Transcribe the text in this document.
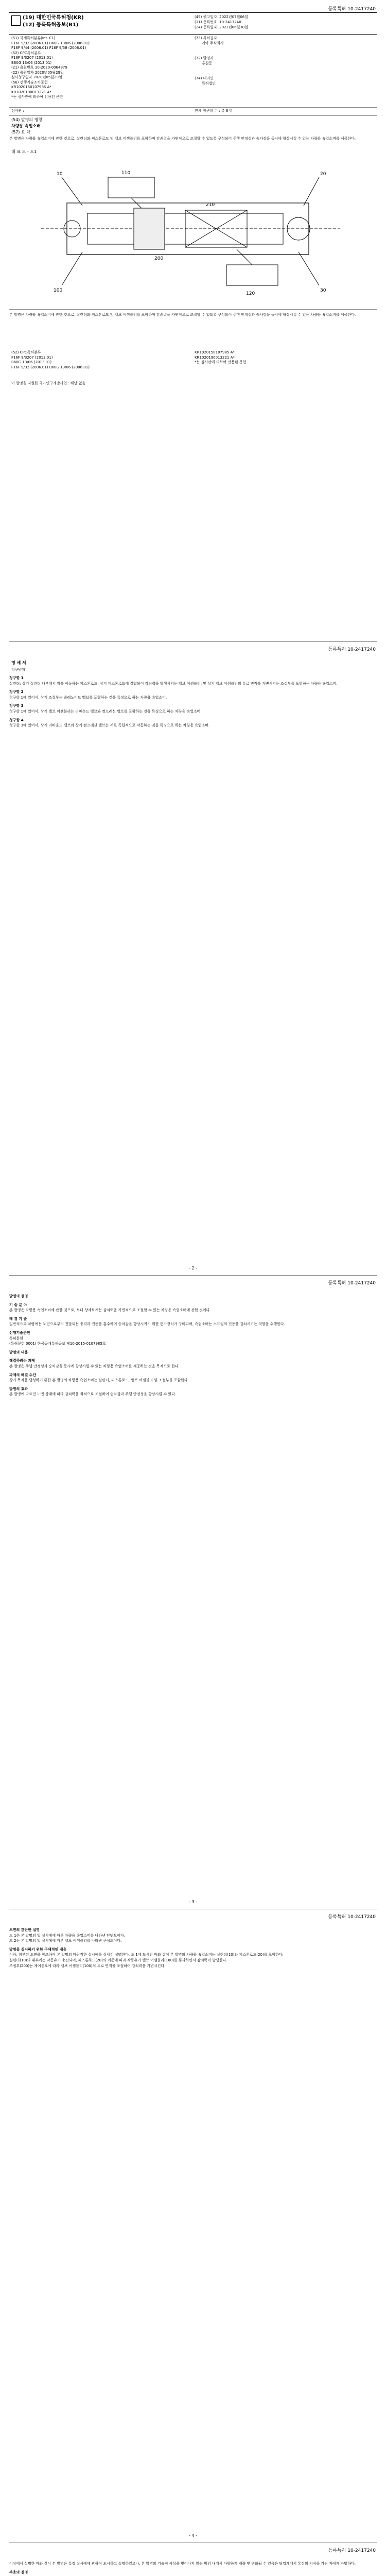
등록특허 10-2417240
(19) 대한민국특허청(KR)
(12) 등록특허공보(B1)
(45) 공고일자 2022년07월06일
(11) 등록번호 10-2417240
(24) 등록일자 2022년06월30일
(51) 국제특허분류(Int. Cl.)
F16F 9/32 (2006.01) B60G 13/06 (2006.01)
F16F 9/44 (2006.01) F16F 9/58 (2006.01)
(52) CPC특허분류
F16F 9/3207 (2013.01)
B60G 13/06 (2013.01)
(21) 출원번호 10-2020-0064979
(22) 출원일자 2020년05월29일
심사청구일자 2020년05월29일
(56) 선행기술조사문헌
KR1020150107985 A*
KR1020190013221 A*
*는 심사관에 의하여 인용된 문헌
(73) 특허권자
기아 주식회사
(72) 발명자
홍길동
(74) 대리인
특허법인
심사관 :	전체 청구항 수 : 총 8 항
(54) 발명의 명칭
차량용 쇽업소버
(57) 요 약
본 발명은 차량용 쇽업소버에 관한 것으로, 실린더와 피스톤로드 및 밸브 어셈블리를 포함하며 감쇠력을 가변적으로 조절할 수 있도록 구성되어 주행 안정성과 승차감을 동시에 향상시킬 수 있는 차량용 쇽업소버를 제공한다.
대 표 도 - 도1
10	20
30
100
110
120
200
210
본 발명은 차량용 쇽업소버에 관한 것으로, 실린더와 피스톤로드 및 밸브 어셈블리를 포함하며 감쇠력을 가변적으로 조절할 수 있도록 구성되어 주행 안정성과 승차감을 동시에 향상시킬 수 있는 차량용 쇽업소버를 제공한다.
(52) CPC특허분류
F16F 9/3207 (2013.01)
B60G 13/06 (2013.01)
F16F 9/32 (2006.01) B60G 13/06 (2006.01)
KR1020150107985 A*
KR1020190013221 A*
*는 심사관에 의하여 인용된 문헌
이 발명을 지원한 국가연구개발사업 : 해당 없음
등록특허 10-2417240
명 세 서
청구범위
청구항 1
실린더; 상기 실린더 내부에서 왕복 이동하는 피스톤로드; 상기 피스톤로드에 결합되어 감쇠력을 발생시키는 밸브 어셈블리; 및 상기 밸브 어셈블리의 유로 면적을 가변시키는 조절부를 포함하는 차량용 쇽업소버.
청구항 2
청구항 1에 있어서, 상기 조절부는 솔레노이드 밸브를 포함하는 것을 특징으로 하는 차량용 쇽업소버.
청구항 3
청구항 1에 있어서, 상기 밸브 어셈블리는 리바운드 밸브와 컴프레션 밸브를 포함하는 것을 특징으로 하는 차량용 쇽업소버.
청구항 4
청구항 3에 있어서, 상기 리바운드 밸브와 상기 컴프레션 밸브는 서로 독립적으로 작동하는 것을 특징으로 하는 차량용 쇽업소버.
- 2 -
등록특허 10-2417240
발명의 설명
기 술 분 야
본 발명은 차량용 쇽업소버에 관한 것으로, 보다 상세하게는 감쇠력을 가변적으로 조절할 수 있는 차량용 쇽업소버에 관한 것이다.
배 경 기 술
일반적으로 차량에는 노면으로부터 전달되는 충격과 진동을 흡수하여 승차감을 향상시키기 위한 현가장치가 구비되며, 쇽업소버는 스프링의 진동을 감쇠시키는 역할을 수행한다.
선행기술문헌
특허문헌
(특허문헌 0001) 한국공개특허공보 제10-2015-0107985호
발명의 내용
해결하려는 과제
본 발명은 주행 안정성과 승차감을 동시에 향상시킬 수 있는 차량용 쇽업소버를 제공하는 것을 목적으로 한다.
과제의 해결 수단
상기 목적을 달성하기 위한 본 발명의 차량용 쇽업소버는 실린더, 피스톤로드, 밸브 어셈블리 및 조절부를 포함한다.
발명의 효과
본 발명에 따르면 노면 상태에 따라 감쇠력을 최적으로 조절하여 승차감과 주행 안정성을 향상시킬 수 있다.
- 3 -
등록특허 10-2417240
도면의 간단한 설명
도 1은 본 발명의 일 실시예에 따른 차량용 쇽업소버를 나타낸 단면도이다.
도 2는 본 발명의 일 실시예에 따른 밸브 어셈블리를 나타낸 구성도이다.
발명을 실시하기 위한 구체적인 내용
이하, 첨부된 도면을 참조하여 본 발명의 바람직한 실시예를 상세히 설명한다. 도 1에 도시된 바와 같이 본 발명의 차량용 쇽업소버는 실린더(10)와 피스톤로드(20)를 포함한다.
실린더(10)의 내부에는 작동유가 충진되며, 피스톤로드(20)의 이동에 따라 작동유가 밸브 어셈블리(100)를 통과하면서 감쇠력이 발생한다.
조절부(200)는 제어신호에 따라 밸브 어셈블리(100)의 유로 면적을 조절하여 감쇠력을 가변시킨다.
- 4 -
등록특허 10-2417240
이상에서 설명한 바와 같이 본 발명은 특정 실시예에 관하여 도시하고 설명하였으나, 본 발명의 기술적 사상을 벗어나지 않는 범위 내에서 다양하게 개량 및 변화될 수 있음은 당업계에서 통상의 지식을 가진 자에게 자명하다.
부호의 설명
